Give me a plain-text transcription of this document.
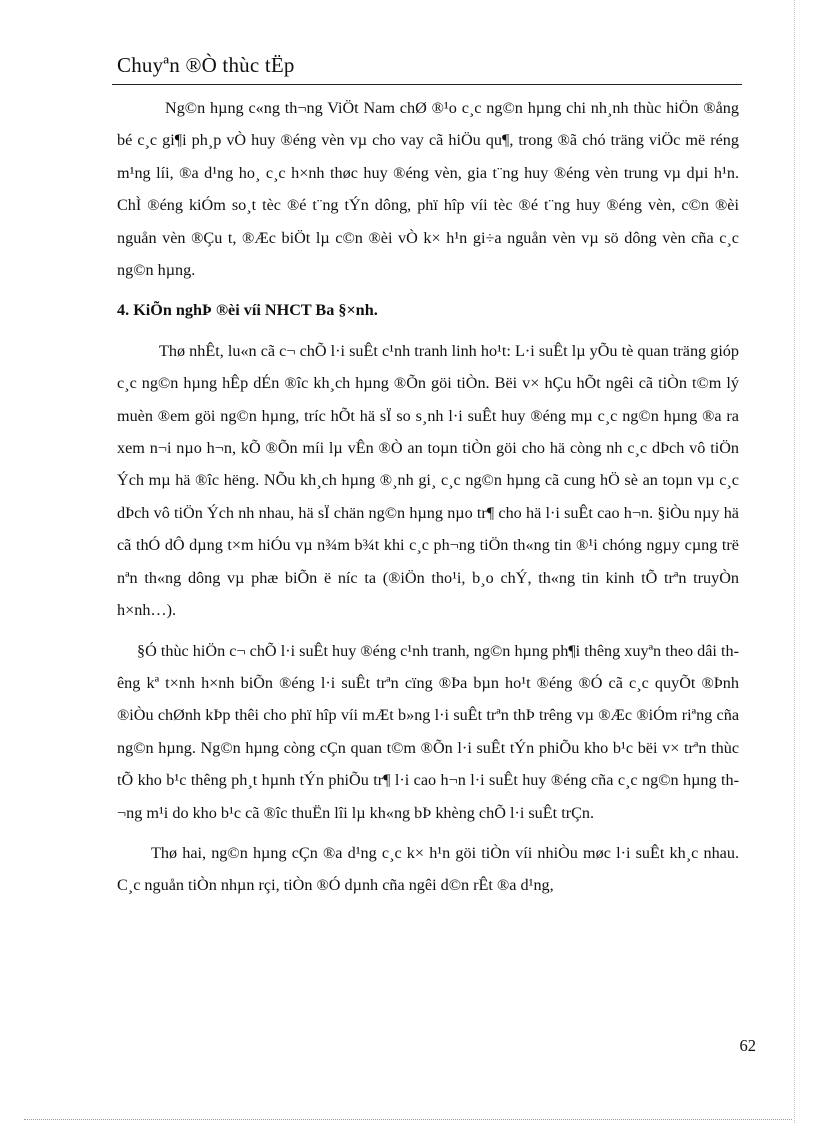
Chuyªn ®Ò thùc tËp

Ng©n hµng c«ng th¬ng ViÖt Nam chØ ®¹o c¸c ng©n hµng chi nh¸nh thùc hiÖn ®ång bé c¸c gi¶i ph¸p vÒ huy ®éng vèn vµ cho vay cã hiÖu qu¶, trong ®ã chó träng viÖc më réng m¹ng líi, ®a d¹ng ho¸ c¸c h×nh thøc huy ®éng vèn, gia t¨ng huy ®éng vèn trung vµ dµi h¹n. ChÌ ®éng kiÓm so¸t tèc ®é t¨ng tÝn dông, phï hîp víi tèc ®é t¨ng huy ®éng vèn, c©n ®èi nguån vèn ®Çu t, ®Æc biÖt lµ c©n ®èi vÒ k× h¹n gi÷a nguån vèn vµ sö dông vèn cña c¸c ng©n hµng.

4. KiÕn nghÞ ®èi víi NHCT Ba §×nh.

Thø nhÊt, lu«n cã c¬ chÕ l·i suÊt c¹nh tranh linh ho¹t: L·i suÊt lµ yÕu tè quan träng gióp c¸c ng©n hµng hÊp dÉn ®îc kh¸ch hµng ®Õn göi tiÒn. Bëi v× hÇu hÕt ngêi cã tiÒn t©m lý muèn ®em göi ng©n hµng, tríc hÕt hä sÏ so s¸nh l·i suÊt huy ®éng mµ c¸c ng©n hµng ®a ra xem n¬i nµo h¬n, kÕ ®Õn míi lµ vÊn ®Ò an toµn tiÒn göi cho hä còng nh c¸c dÞch vô tiÖn Ých mµ hä ®îc hëng. NÕu kh¸ch hµng ®¸nh gi¸ c¸c ng©n hµng cã cung hÖ sè an toµn vµ c¸c dÞch vô tiÖn Ých nh nhau, hä sÏ chän ng©n hµng nµo tr¶ cho hä l·i suÊt cao h¬n. §iÒu nµy hä cã thÓ dÔ dµng t×m hiÓu vµ n¾m b¾t khi c¸c ph¬ng tiÖn th«ng tin ®¹i chóng ngµy cµng trë nªn th«ng dông vµ phæ biÕn ë níc ta (®iÖn tho¹i, b¸o chÝ, th«ng tin kinh tÕ trªn truyÒn h×nh…).

§Ó thùc hiÖn c¬ chÕ l·i suÊt huy ®éng c¹nh tranh, ng©n hµng ph¶i thêng xuyªn theo dâi thêng kª t×nh h×nh biÕn ®éng l·i suÊt trªn cïng ®Þa bµn ho¹t ®éng ®Ó cã c¸c quyÕt ®Þnh ®iÒu chØnh kÞp thêi cho phï hîp víi mÆt b»ng l·i suÊt trªn thÞ trêng vµ ®Æc ®iÓm riªng cña ng©n hµng. Ng©n hµng còng cÇn quan t©m ®Õn l·i suÊt tÝn phiÕu kho b¹c bëi v× trªn thùc tÕ kho b¹c thêng ph¸t hµnh tÝn phiÕu tr¶ l·i cao h¬n l·i suÊt huy ®éng cña c¸c ng©n hµng th¬ng m¹i do kho b¹c cã ®îc thuËn lîi lµ kh«ng bÞ khèng chÕ l·i suÊt trÇn.

Thø hai, ng©n hµng cÇn ®a d¹ng c¸c k× h¹n göi tiÒn víi nhiÒu møc l·i suÊt kh¸c nhau. C¸c nguån tiÒn nhµn rçi, tiÒn ®Ó dµnh cña ngêi d©n rÊt ®a d¹ng,

62
